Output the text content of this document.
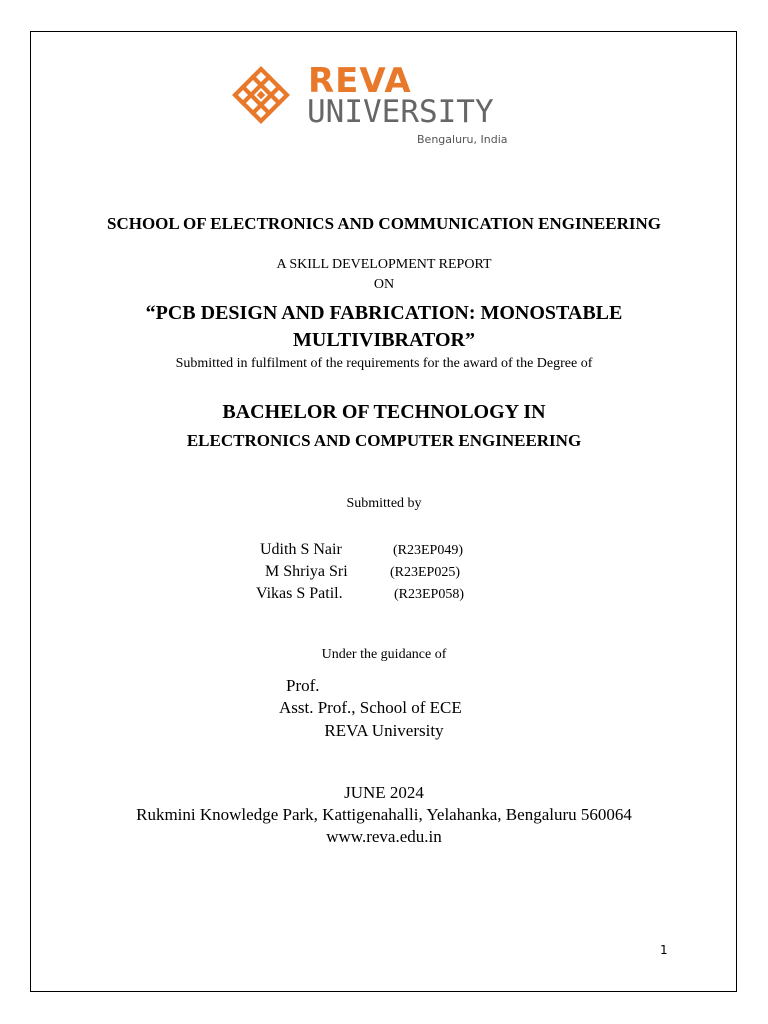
REVA
UNIVERSITY
Bengaluru, India
SCHOOL OF ELECTRONICS AND COMMUNICATION ENGINEERING
A SKILL DEVELOPMENT REPORT
ON
“PCB DESIGN AND FABRICATION: MONOSTABLE
MULTIVIBRATOR”
Submitted in fulfilment of the requirements for the award of the Degree of
BACHELOR OF TECHNOLOGY IN
ELECTRONICS AND COMPUTER ENGINEERING
Submitted by
Udith S Nair	(R23EP049)
M Shriya Sri	(R23EP025)
Vikas S Patil.	(R23EP058)
Under the guidance of
Prof.
Asst. Prof., School of ECE
REVA University
JUNE 2024
Rukmini Knowledge Park, Kattigenahalli, Yelahanka, Bengaluru 560064
www.reva.edu.in
1
